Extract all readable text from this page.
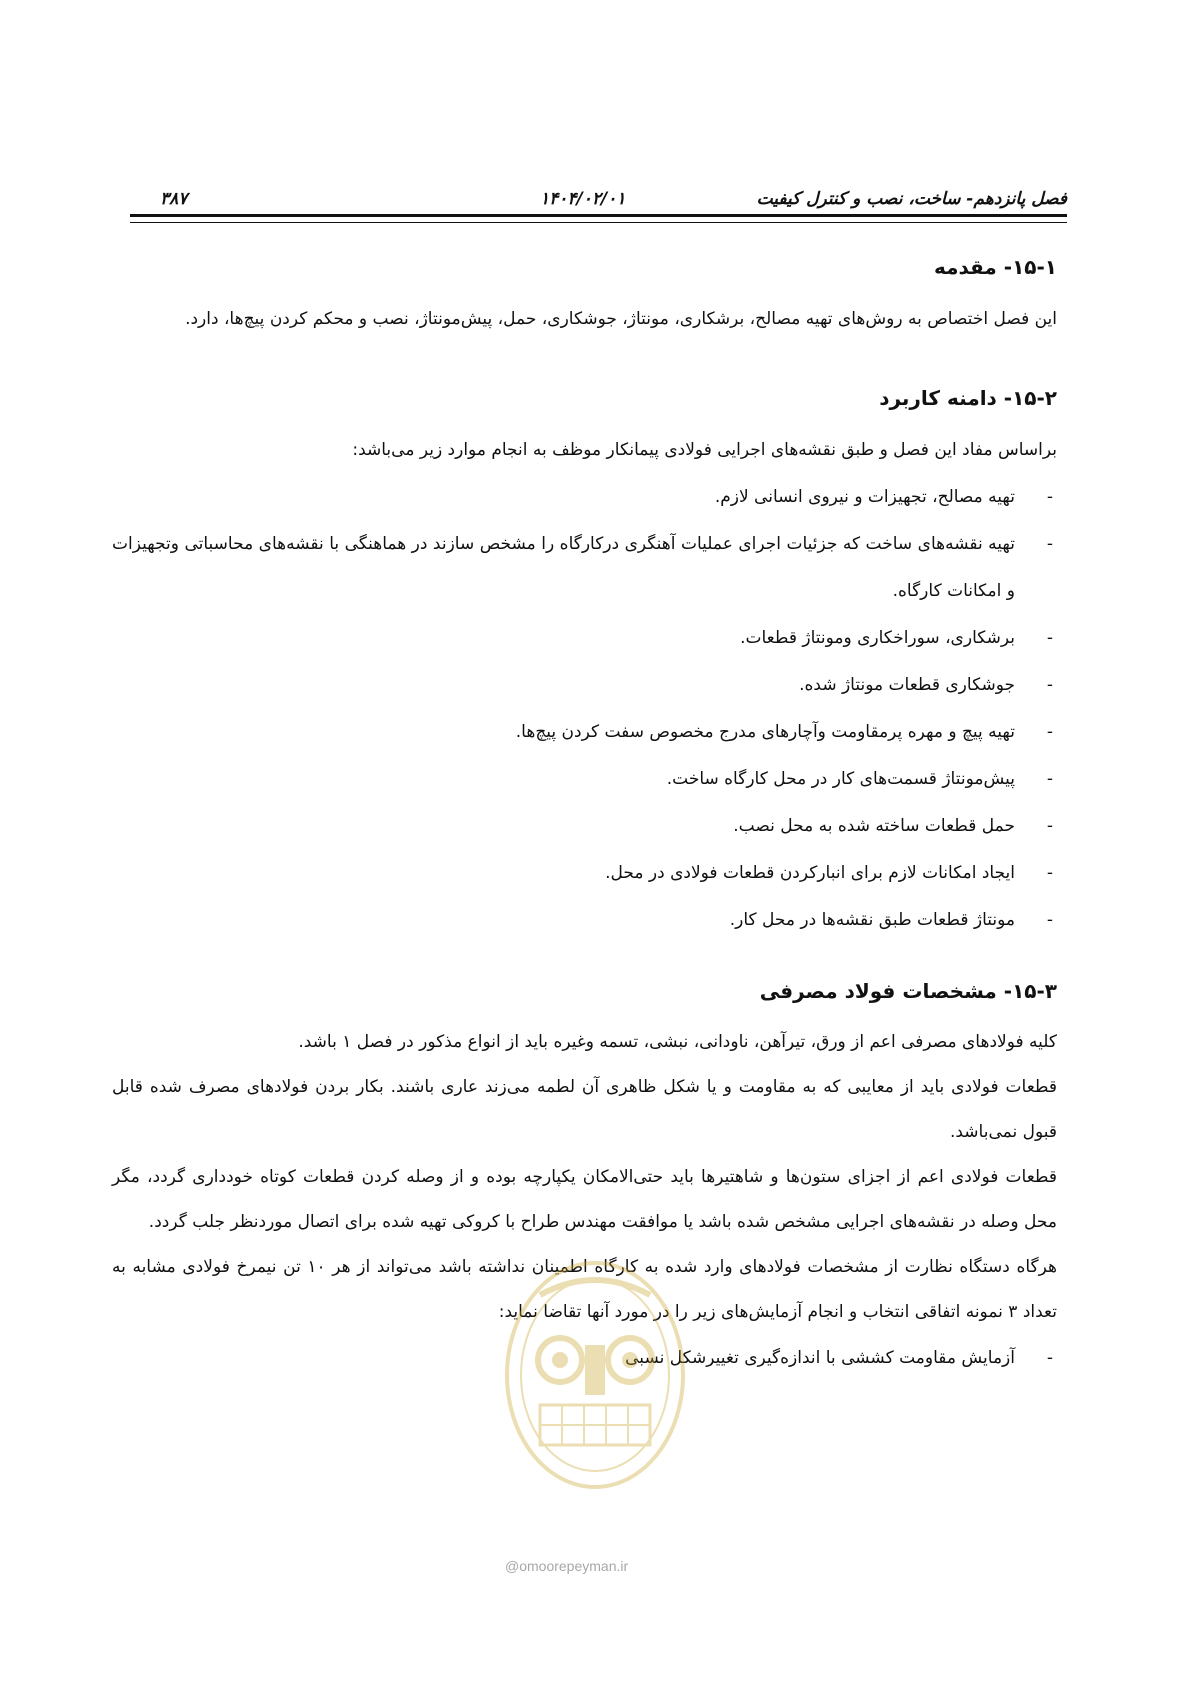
فصل پانزدهم- ساخت، نصب و کنترل کیفیت
۱۴۰۴/۰۲/۰۱
۳۸۷
۱۵-۱- مقدمه

این فصل اختصاص به روش‌های تهیه مصالح، برشکاری، مونتاژ، جوشکاری، حمل، پیش‌مونتاژ، نصب و محکم کردن پیچ‌ها، دارد.

۱۵-۲- دامنه کاربرد

براساس مفاد این فصل و طبق نقشه‌های اجرایی فولادی پیمانکار موظف به انجام موارد زیر می‌باشد:

-
تهیه مصالح، تجهیزات و نیروی انسانی لازم.
-
تهیه نقشه‌های ساخت که جزئیات اجرای عملیات آهنگری درکارگاه را مشخص سازند در هماهنگی با نقشه‌های محاسباتی وتجهیزات و امکانات کارگاه.
-
برشکاری، سوراخکاری ومونتاژ قطعات.
-
جوشکاری قطعات مونتاژ شده.
-
تهیه پیچ و مهره پرمقاومت وآچارهای مدرج مخصوص سفت کردن پیچ‌ها.
-
پیش‌مونتاژ قسمت‌های کار در محل کارگاه ساخت.
-
حمل قطعات ساخته شده به محل نصب.
-
ایجاد امکانات لازم برای انبارکردن قطعات فولادی در محل.
-
مونتاژ قطعات طبق نقشه‌ها در محل کار.
۱۵-۳- مشخصات فولاد مصرفی

کلیه فولادهای مصرفی اعم از ورق، تیرآهن، ناودانی، نبشی، تسمه وغیره باید از انواع مذکور در فصل ۱ باشد.

قطعات فولادی باید از معایبی که به مقاومت و یا شکل ظاهری آن لطمه می‌زند عاری باشند. بکار بردن فولادهای مصرف شده قابل قبول نمی‌باشد.

قطعات فولادی اعم از اجزای ستون‌ها و شاهتیرها باید حتی‌الامکان یکپارچه بوده و از وصله کردن قطعات کوتاه خودداری گردد، مگر محل وصله در نقشه‌های اجرایی مشخص شده باشد یا موافقت مهندس طراح با کروکی تهیه شده برای اتصال موردنظر جلب گردد.

هرگاه دستگاه نظارت از مشخصات فولادهای وارد شده به کارگاه اطمینان نداشته باشد می‌تواند از هر ۱۰ تن نیمرخ فولادی مشابه به تعداد ۳ نمونه اتفاقی انتخاب و انجام آزمایش‌های زیر را در مورد آنها تقاضا نماید:

-
آزمایش مقاومت کششی با اندازه‌گیری تغییرشکل نسبی
@omoorepeyman.ir
